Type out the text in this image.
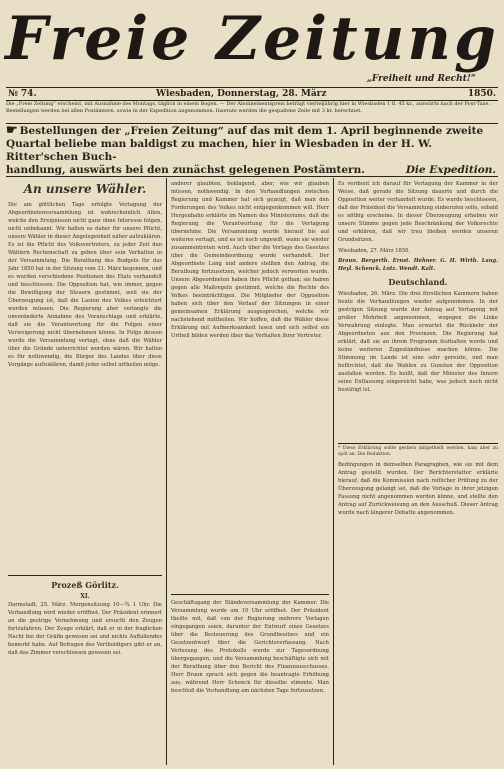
Freie Zeitung
„Freiheit und Recht!“
№ 74.	Wiesbaden, Donnerstag, 28. März	1850.
Die „Freie Zeitung“ erscheint, mit Ausnahme des Montags, täglich in einem Bogen. — Der Abonnementspreis beträgt vierteljährig hier in Wiesbaden 1 fl. 45 kr., auswärts nach der Post-Taxe. Bestellungen werden bei allen Postämtern, sowie in der Expedition angenommen. Inserate werden die gespaltene Zeile mit 3 kr. berechnet.
☛ Bestellungen der „Freien Zeitung“ auf das mit dem 1. April beginnende zweite
Quartal beliebe man baldigst zu machen, hier in Wiesbaden in der H. W. Ritter'schen Buch-
handlung, auswärts bei den zunächst gelegenen Postämtern.	Die Expedition.
An unsere Wähler.
Die am göttlichen Tage erfolgte Vertagung der Abgeordnetenversammlung ist wahrscheinlich Allen, welche den Ereignissen nicht ganz ohne Interesse folgen, nicht unbekannt. Wir halten es daher für unsere Pflicht, unsere Wähler in dieser Angelegenheit näher aufzuklären. Es ist die Pflicht des Volksvertreters, zu jeder Zeit den Wählern Rechenschaft zu geben über sein Verhalten in der Versammlung. Die Berathung des Budgets für das Jahr 1850 hat in der Sitzung vom 21. März begonnen, und es wurden verschiedene Positionen des Etats verhandelt und beschlossen. Die Opposition hat, wie immer, gegen die Bewilligung der Steuern gestimmt, weil sie der Überzeugung ist, daß die Lasten des Volkes erleichtert werden müssen. Die Regierung aber verlangte die unveränderte Annahme des Voranschlags und erklärte, daß sie die Verantwortung für die Folgen einer Verweigerung nicht übernehmen könne. In Folge dessen wurde die Versammlung vertagt, ohne daß die Wähler über die Gründe unterrichtet worden wären. Wir halten es für nothwendig, die Bürger des Landes über diese Vorgänge aufzuklären, damit jeder selbst urtheilen möge.
Prozeß Görlitz.
XI.
Darmstadt, 25. März. Morgensitzung 10—¾ 1 Uhr. Die Verhandlung wird wieder eröffnet. Der Präsident erinnert an die gestrige Vernehmung und ersucht den Zeugen fortzufahren. Der Zeuge erklärt, daß er in der fraglichen Nacht bei der Gräfin gewesen sei und nichts Auffallendes bemerkt habe. Auf Befragen des Vertheidigers gibt er an, daß das Zimmer verschlossen gewesen sei.
anderer glaubten, beklagend, aber, wie wir glauben müssen, nothwendig. In den Verhandlungen zwischen Regierung und Kammer hat sich gezeigt, daß man den Forderungen des Volkes nicht entgegenkommen will. Herr Hergenhahn erklärte im Namen des Ministeriums, daß die Regierung die Verantwortung für die Vertagung übernehme. Die Versammlung wurde hierauf bis auf weiteres vertagt, und es ist noch ungewiß, wann sie wieder zusammentreten wird. Auch über die Vorlage des Gesetzes über die Gemeindeordnung wurde verhandelt. Der Abgeordnete Lang und andere stellten den Antrag, die Berathung fortzusetzen, welcher jedoch verworfen wurde. Unsere Abgeordneten haben ihre Pflicht gethan; sie haben gegen alle Maßregeln gestimmt, welche die Rechte des Volkes beeinträchtigen. Die Mitglieder der Opposition haben sich über den Verlauf der Sitzungen in einer gemeinsamen Erklärung ausgesprochen, welche wir nachstehend mittheilen. Wir hoffen, daß die Wähler diese Erklärung mit Aufmerksamkeit lesen und sich selbst ein Urtheil bilden werden über das Verhalten ihrer Vertreter.
Geschäftsgang der Ständeversammlung der Kammer. Die Versammlung wurde um 10 Uhr eröffnet. Der Präsident theilte mit, daß von der Regierung mehrere Vorlagen eingegangen seien, darunter der Entwurf eines Gesetzes über die Besteuerung des Grundbesitzes und ein Gesetzentwurf über die Gerichtsverfassung. Nach Verlesung des Protokolls wurde zur Tagesordnung übergegangen, und die Versammlung beschäftigte sich mit der Berathung über den Bericht des Finanzausschusses. Herr Braun sprach sich gegen die beantragte Erhöhung aus, während Herr Schenck für dieselbe stimmte. Man beschloß die Verhandlung am nächsten Tage fortzusetzen.
Es verdient ich darauf für Vertagung der Kammer in der Weise, daß gerade die Sitzung dauerte und durch die Opposition weiter verhandelt wurde. Es wurde beschlossen, daß der Präsident die Versammlung einberufen solle, sobald es nöthig erscheine. In dieser Überzeugung erheben wir unsere Stimme gegen jede Beschränkung der Volksrechte und erklären, daß wir treu bleiben werden unseren Grundsätzen.
Wiesbaden, 27. März 1850.
Braun. Bergerth. Ernst. Hehner. G. H. Wirth. Lang. Heyl. Schenck. Lotz. Wendt. Kalt.
Deutschland.
Wiesbaden, 26. März. Die drei fürstlichen Kammern haben heute die Verhandlungen wieder aufgenommen. In der gestrigen Sitzung wurde der Antrag auf Vertagung mit großer Mehrheit angenommen, wogegen die Linke Verwahrung einlegte. Man erwartet die Rückkehr der Abgeordneten aus den Provinzen. Die Regierung hat erklärt, daß sie an ihrem Programm festhalten werde und keine weiteren Zugeständnisse machen könne. Die Stimmung im Lande ist eine sehr gereizte, und man befürchtet, daß die Wahlen zu Gunsten der Opposition ausfallen werden. Es heißt, daß der Minister des Innern seine Entlassung eingereicht habe, was jedoch noch nicht bestätigt ist.
* Diese Erklärung sollte gestern mitgetheilt werden, kam aber zu spät an. Die Redaktion.
Bedingungen in demselben Paragraphen, wie sie mit dem Antrag gestellt wurden. Der Berichterstatter erklärte hierauf, daß die Kommission nach reiflicher Prüfung zu der Überzeugung gelangt sei, daß die Vorlage in ihrer jetzigen Fassung nicht angenommen werden könne, und stellte den Antrag auf Zurückweisung an den Ausschuß. Dieser Antrag wurde nach längerer Debatte angenommen.
